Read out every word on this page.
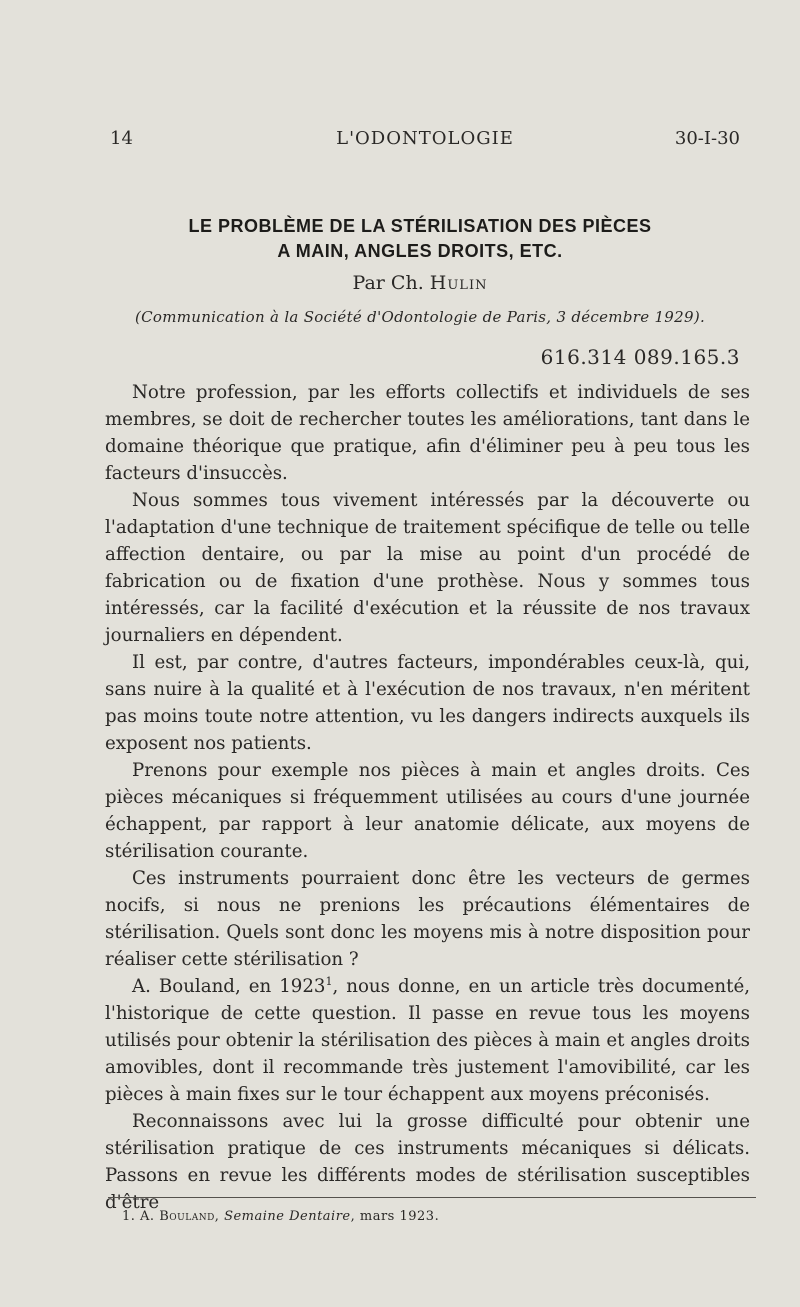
14	L'ODONTOLOGIE	30-I-30
LE PROBLÈME DE LA STÉRILISATION DES PIÈCES
A MAIN, ANGLES DROITS, ETC.
Par Ch. Hulin
(Communication à la Société d'Odontologie de Paris, 3 décembre 1929).
616.314 089.165.3

Notre profession, par les efforts collectifs et individuels de ses membres, se doit de rechercher toutes les améliorations, tant dans le domaine théorique que pratique, afin d'éliminer peu à peu tous les facteurs d'insuccès.

Nous sommes tous vivement intéressés par la découverte ou l'adaptation d'une technique de traitement spécifique de telle ou telle affection dentaire, ou par la mise au point d'un procédé de fabrication ou de fixation d'une prothèse. Nous y sommes tous intéressés, car la facilité d'exécution et la réussite de nos travaux journaliers en dépendent.

Il est, par contre, d'autres facteurs, impondérables ceux-là, qui, sans nuire à la qualité et à l'exécution de nos travaux, n'en méritent pas moins toute notre attention, vu les dangers indirects auxquels ils exposent nos patients.

Prenons pour exemple nos pièces à main et angles droits. Ces pièces mécaniques si fréquemment utilisées au cours d'une journée échappent, par rapport à leur anatomie délicate, aux moyens de stérilisation courante.

Ces instruments pourraient donc être les vecteurs de germes nocifs, si nous ne prenions les précautions élémentaires de stérilisation. Quels sont donc les moyens mis à notre disposition pour réaliser cette stérilisation ?

A. Bouland, en 1923$^1$, nous donne, en un article très documenté, l'historique de cette question. Il passe en revue tous les moyens utilisés pour obtenir la stérilisation des pièces à main et angles droits amovibles, dont il recommande très justement l'amovibilité, car les pièces à main fixes sur le tour échappent aux moyens préconisés.

Reconnaissons avec lui la grosse difficulté pour obtenir une stérilisation pratique de ces instruments mécaniques si délicats. Passons en revue les différents modes de stérilisation susceptibles d'être

1. A. Bouland, Semaine Dentaire, mars 1923.
